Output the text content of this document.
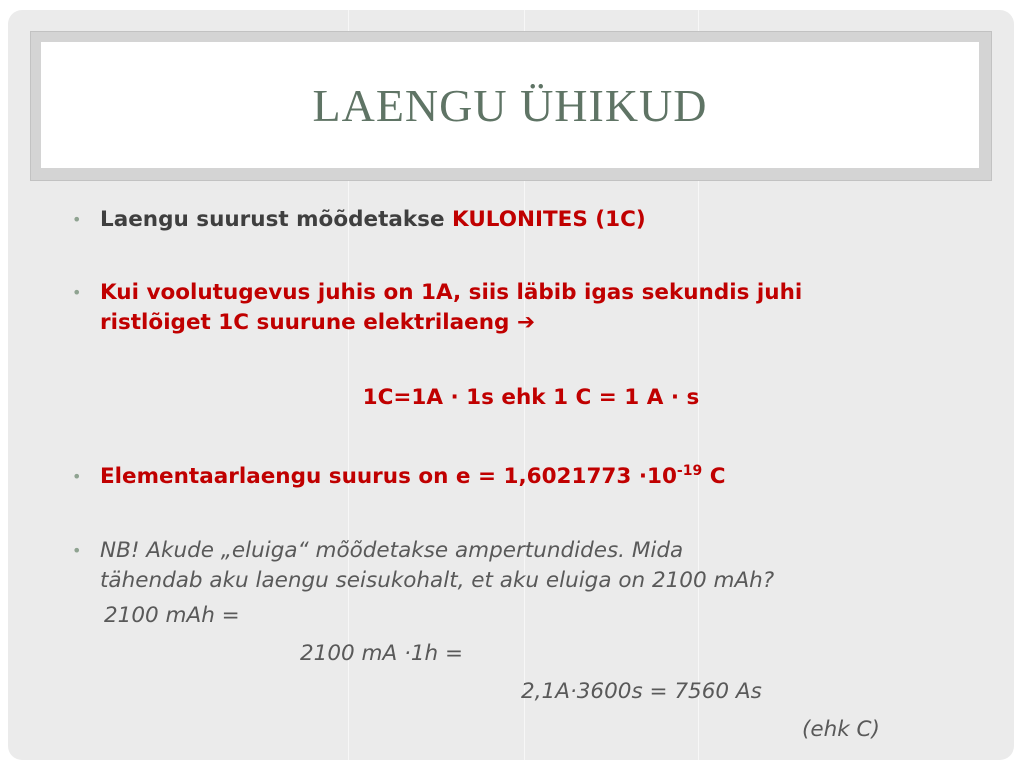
LAENGU ÜHIKUD
• Laengu suurust mõõdetakse KULONITES (1C)
• Kui voolutugevus juhis on 1A, siis läbib igas sekundis juhi
ristlõiget 1C suurune elektrilaeng ➔
1C=1A · 1s ehk 1 C = 1 A · s
• Elementaarlaengu suurus on $e = 1,6021773 \cdot 10^{-19}$ C
• NB! Akude „eluiga“ mõõdetakse ampertundides. Mida
tähendab aku laengu seisukohalt, et aku eluiga on 2100 mAh?
2100 mAh =
2100 mA ·1h =
2,1A·3600s = 7560 As
(ehk C)
